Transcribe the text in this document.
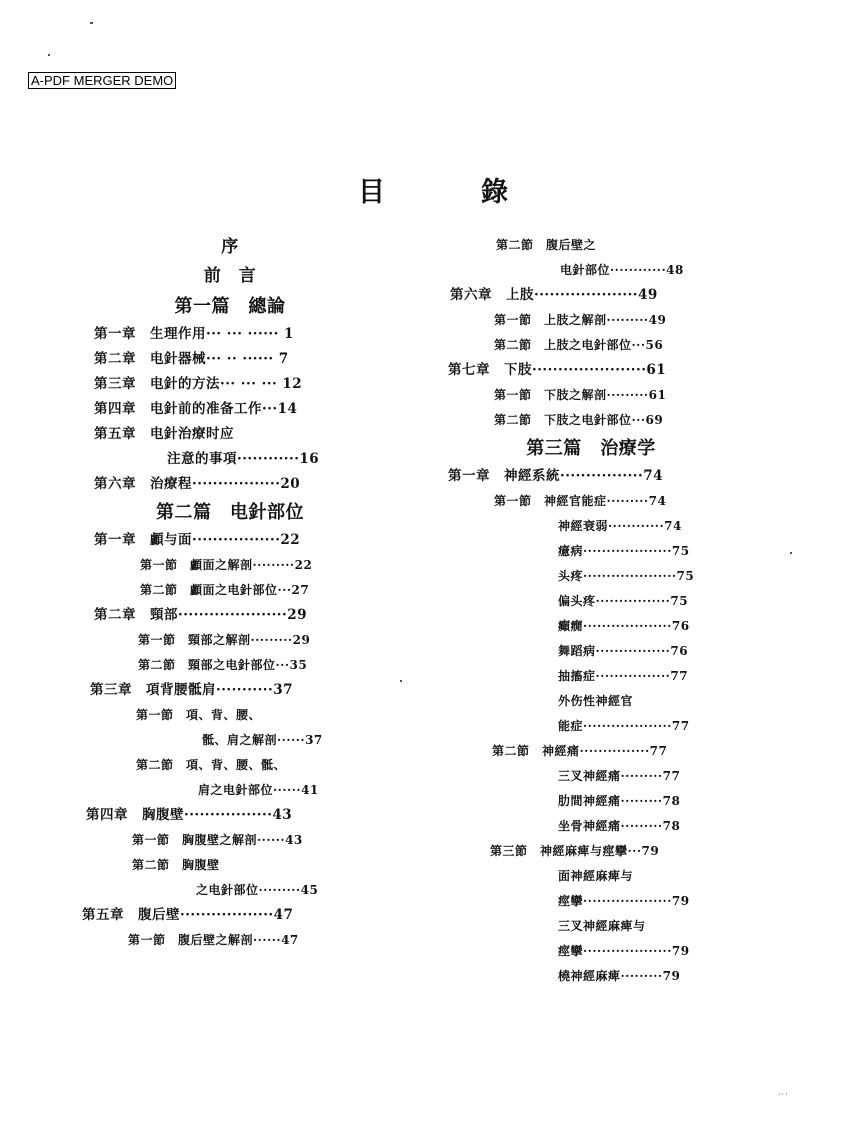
A-PDF MERGER DEMO
目	錄
序
前　言
第一篇　總論
第一章　生理作用··· ··· ······ 1
第二章　电針器械··· ·· ······ 7
第三章　电針的方法··· ··· ··· 12
第四章　电針前的准备工作···14
第五章　电針治療时应
注意的事項············16
第六章　治療程·················20
第二篇　电針部位
第一章　顱与面·················22
第一節　顱面之解剖·········22
第二節　顱面之电針部位···27
第二章　頸部·····················29
第一節　頸部之解剖·········29
第二節　頸部之电針部位···35
第三章　項背腰骶肩···········37
第一節　項、背、腰、
骶、肩之解剖······37
第二節　項、背、腰、骶、
肩之电針部位······41
第四章　胸腹壁·················43
第一節　胸腹壁之解剖······43
第二節　胸腹壁
之电針部位·········45
第五章　腹后壁··················47
第一節　腹后壁之解剖······47
第二節　腹后壁之
电針部位············48
第六章　上肢····················49
第一節　上肢之解剖·········49
第二節　上肢之电針部位···56
第七章　下肢······················61
第一節　下肢之解剖·········61
第二節　下肢之电針部位···69
第三篇　治療学
第一章　神經系統················74
第一節　神經官能症·········74
神經衰弱············74
癔病···················75
头疼····················75
偏头疼················75
癲癇···················76
舞蹈病················76
抽搐症················77
外伤性神經官
能症···················77
第二節　神經痛···············77
三叉神經痛·········77
肋間神經痛·········78
坐骨神經痛·········78
第三節　神經麻痺与痙攣···79
面神經麻痺与
痙攣···················79
三叉神經麻痺与
痙攣···················79
橈神經麻痺·········79
···
